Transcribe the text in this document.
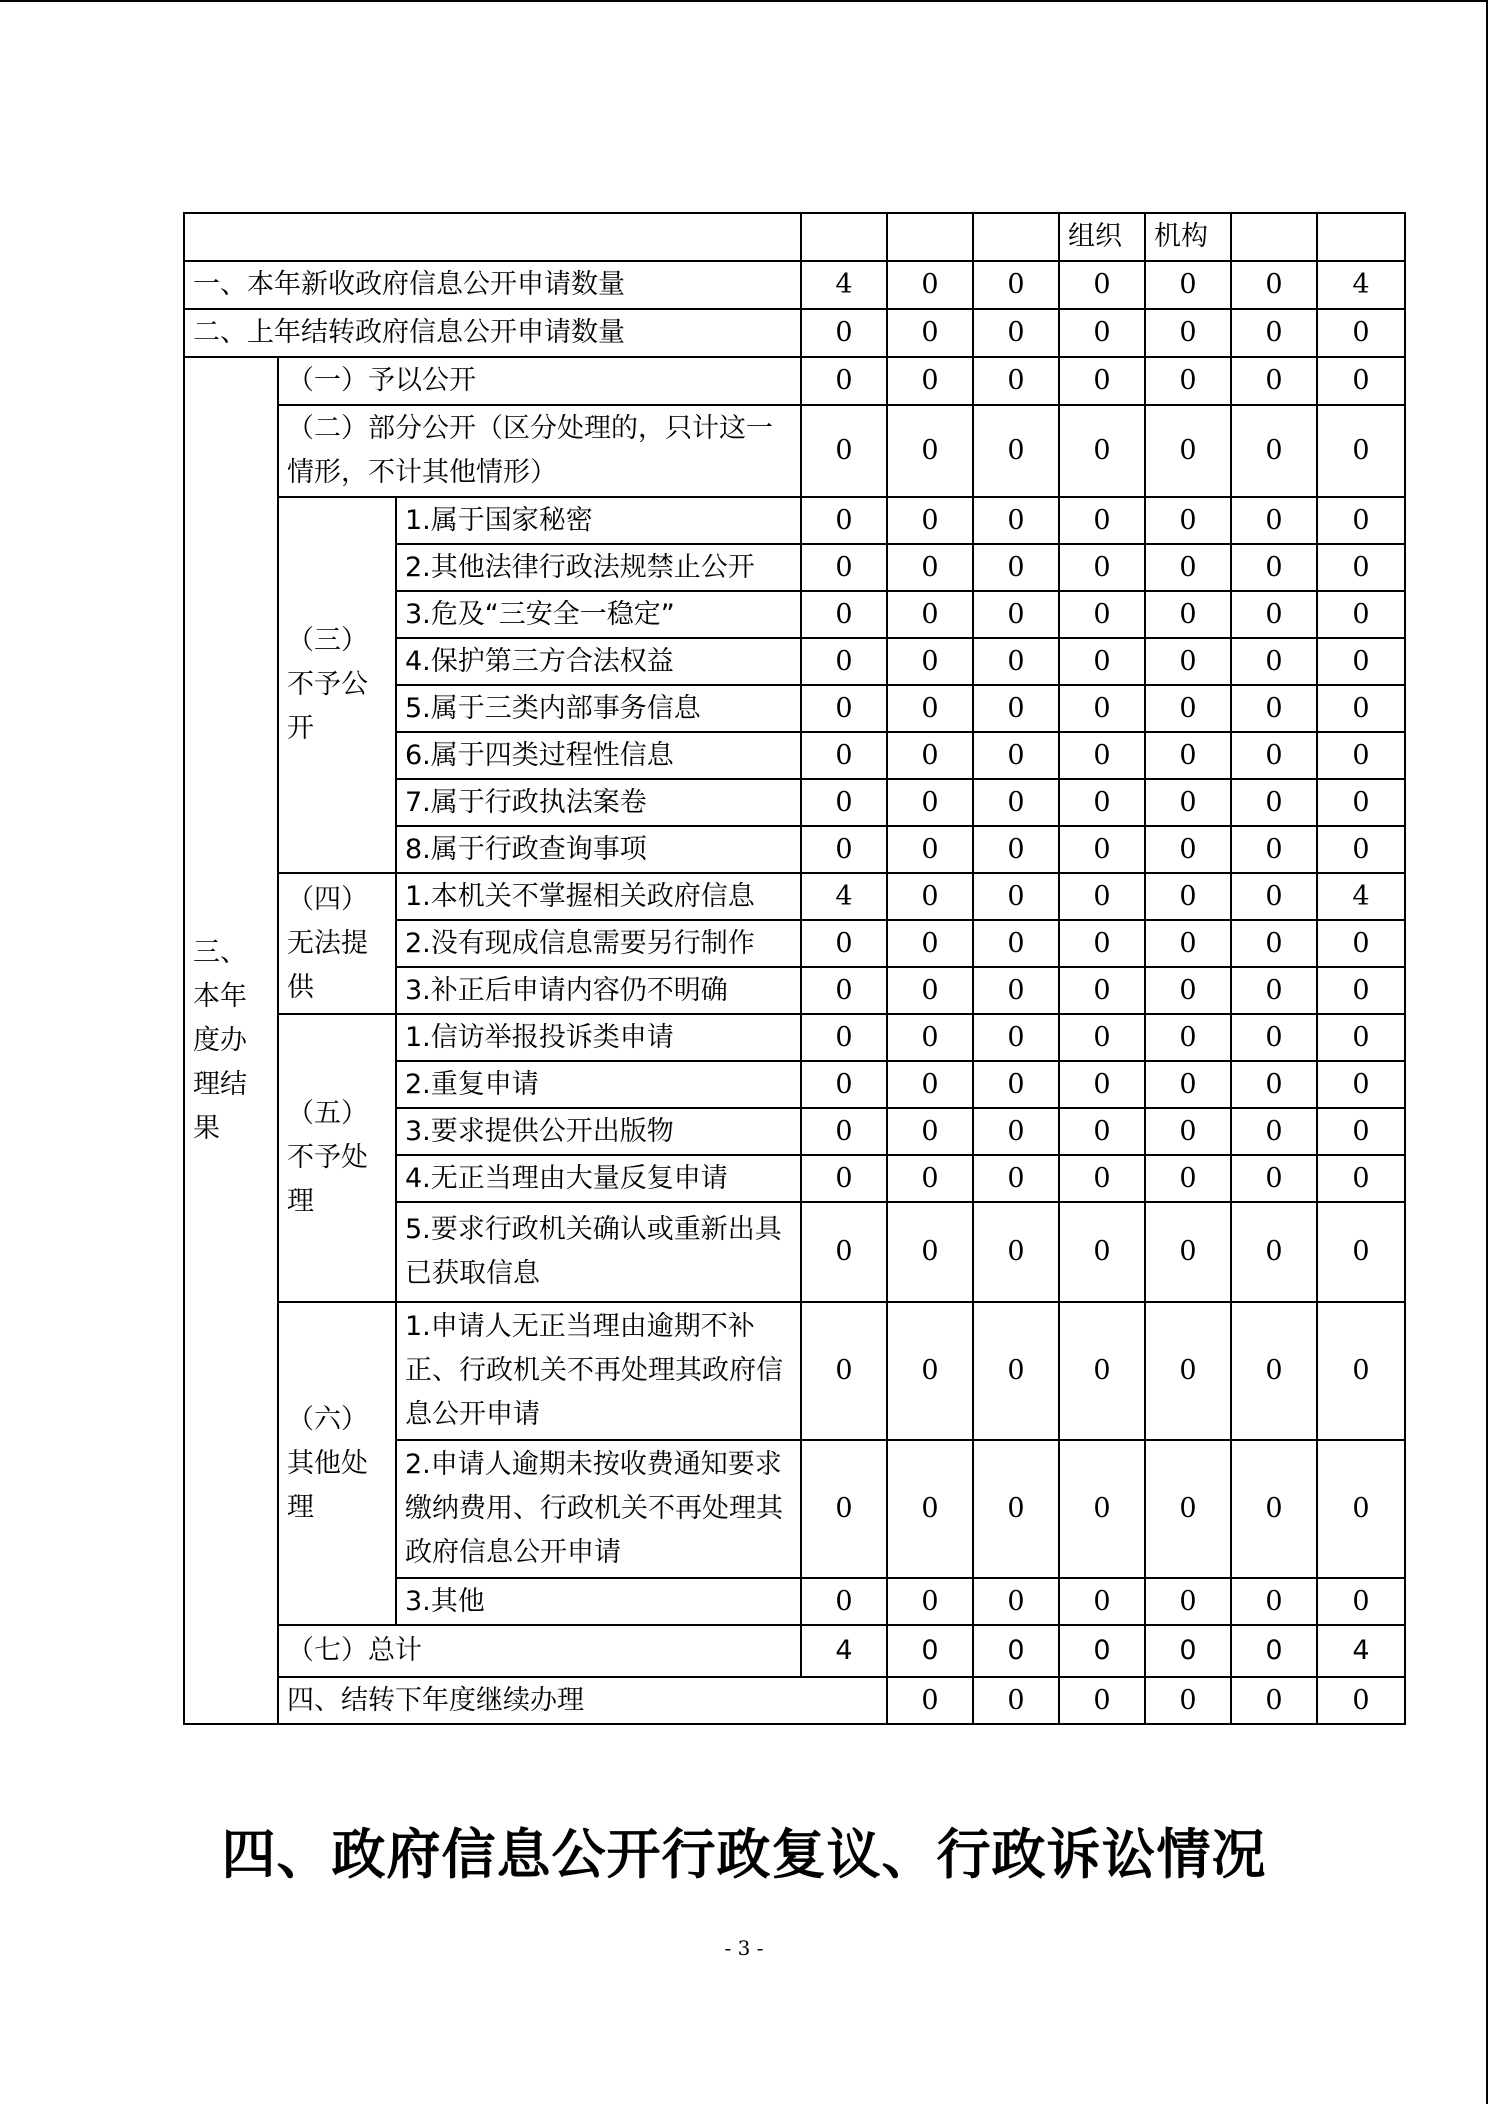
						组织	机构			
一、本年新收政府信息公开申请数量			4	0	0	0	0	0	4	
二、上年结转政府信息公开申请数量			0	0	0	0	0	0	0	
三、本年度办理结果	（一）予以公开		0	0	0	0	0	0	0	
	（二）部分公开（区分处理的，只计这一情形，不计其他情形）		0	0	0	0	0	0	0	
	（三）不予公开	1.属于国家秘密	0	0	0	0	0	0	0	
		2.其他法律行政法规禁止公开	0	0	0	0	0	0	0	
		3.危及“三安全一稳定”	0	0	0	0	0	0	0	
		4.保护第三方合法权益	0	0	0	0	0	0	0	
		5.属于三类内部事务信息	0	0	0	0	0	0	0	
		6.属于四类过程性信息	0	0	0	0	0	0	0	
		7.属于行政执法案卷	0	0	0	0	0	0	0	
		8.属于行政查询事项	0	0	0	0	0	0	0	
	（四）无法提供	1.本机关不掌握相关政府信息	4	0	0	0	0	0	4	
		2.没有现成信息需要另行制作	0	0	0	0	0	0	0	
		3.补正后申请内容仍不明确	0	0	0	0	0	0	0	
	（五）不予处理	1.信访举报投诉类申请	0	0	0	0	0	0	0	
		2.重复申请	0	0	0	0	0	0	0	
		3.要求提供公开出版物	0	0	0	0	0	0	0	
		4.无正当理由大量反复申请	0	0	0	0	0	0	0	
		5.要求行政机关确认或重新出具已获取信息	0	0	0	0	0	0	0	
	（六）其他处理	1.申请人无正当理由逾期不补正、行政机关不再处理其政府信息公开申请	0	0	0	0	0	0	0	
		2.申请人逾期未按收费通知要求缴纳费用、行政机关不再处理其政府信息公开申请	0	0	0	0	0	0	0	
		3.其他	0	0	0	0	0	0	0	
	（七）总计		4	0	0	0	0	0	4	
	四、结转下年度继续办理			0	0	0	0	0	0	
四、政府信息公开行政复议、行政诉讼情况
- 3 -
